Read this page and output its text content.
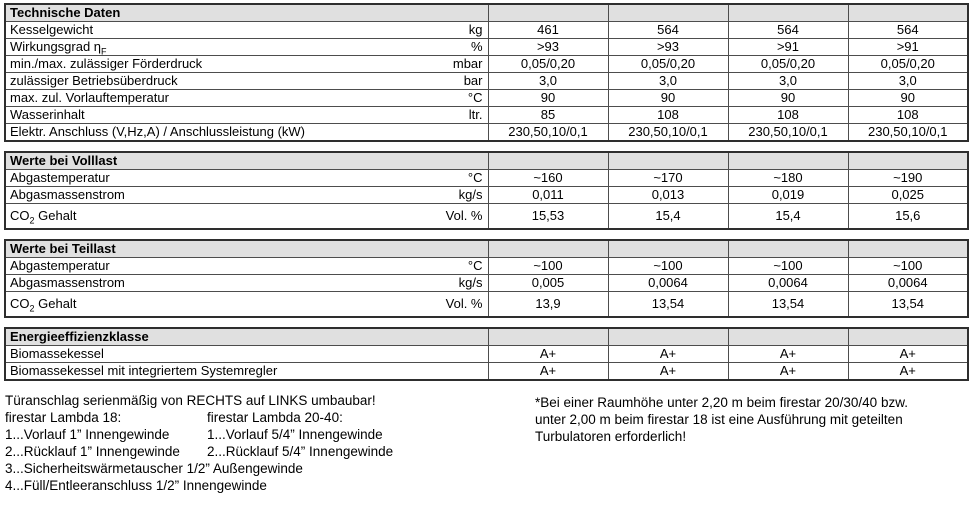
Technische Daten				

Kesselgewicht kg	461	564	564	564

Wirkungsgrad $\eta_F$ %	>93	>93	>91	>91

min./max. zulässiger Förderdruck mbar	0,05/0,20	0,05/0,20	0,05/0,20	0,05/0,20

zulässiger Betriebsüberdruck bar	3,0	3,0	3,0	3,0

max. zul. Vorlauftemperatur °C	90	90	90	90

Wasserinhalt ltr.	85	108	108	108

Elektr. Anschluss (V,Hz,A) / Anschlussleistung (kW)	230,50,10/0,1	230,50,10/0,1	230,50,10/0,1	230,50,10/0,1
Werte bei Volllast				

Abgastemperatur °C	~160	~170	~180	~190

Abgasmassenstrom kg/s	0,011	0,013	0,019	0,025

$CO_2$ Gehalt Vol. %	15,53	15,4	15,4	15,6
Werte bei Teillast				

Abgastemperatur °C	~100	~100	~100	~100

Abgasmassenstrom kg/s	0,005	0,0064	0,0064	0,0064

$CO_2$ Gehalt Vol. %	13,9	13,54	13,54	13,54
Energieeffizienzklasse				

Biomassekessel	A+	A+	A+	A+

Biomassekessel mit integriertem Systemregler	A+	A+	A+	A+
Türanschlag serienmäßig von RECHTS auf LINKS umbaubar!
firestar Lambda 18:	firestar Lambda 20-40:
1...Vorlauf 1” Innengewinde	1...Vorlauf 5/4” Innengewinde
2...Rücklauf 1” Innengewinde	2...Rücklauf 5/4” Innengewinde
3...Sicherheitswärmetauscher 1/2” Außengewinde
4...Füll/Entleeranschluss 1/2” Innengewinde
*Bei einer Raumhöhe unter 2,20 m beim firestar 20/30/40 bzw.
unter 2,00 m beim firestar 18 ist eine Ausführung mit geteilten
Turbulatoren erforderlich!
